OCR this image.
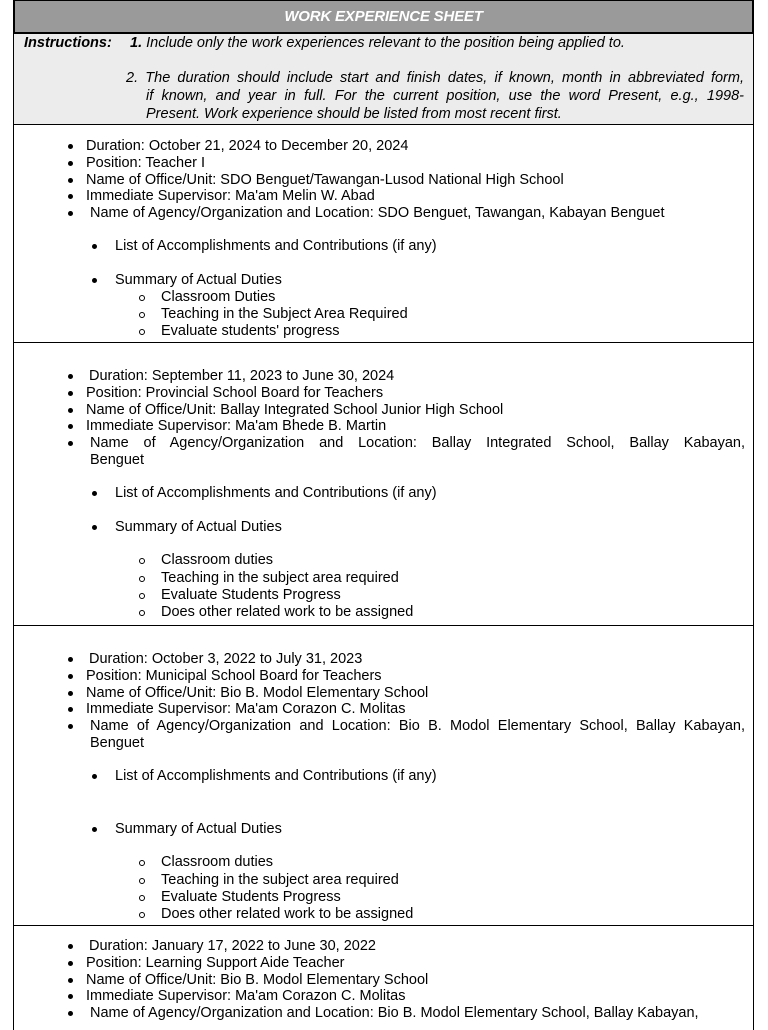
WORK EXPERIENCE SHEET
Instructions: 1. Include only the work experiences relevant to the position being applied to.
2. The duration should include start and finish dates, if known, month in abbreviated form,
if known, and year in full. For the current position, use the word Present, e.g., 1998-
Present. Work experience should be listed from most recent first.
Duration: October 21, 2024 to December 20, 2024
Position: Teacher I
Name of Office/Unit: SDO Benguet/Tawangan-Lusod National High School
Immediate Supervisor: Ma'am Melin W. Abad
Name of Agency/Organization and Location: SDO Benguet, Tawangan, Kabayan Benguet
List of Accomplishments and Contributions (if any)
Summary of Actual Duties
Classroom Duties
Teaching in the Subject Area Required
Evaluate students' progress
Duration: September 11, 2023 to June 30, 2024
Position: Provincial School Board for Teachers
Name of Office/Unit: Ballay Integrated School Junior High School
Immediate Supervisor: Ma'am Bhede B. Martin
Name of Agency/Organization and Location: Ballay Integrated School, Ballay Kabayan, Benguet
List of Accomplishments and Contributions (if any)
Summary of Actual Duties
Classroom duties
Teaching in the subject area required
Evaluate Students Progress
Does other related work to be assigned
Duration: October 3, 2022 to July 31, 2023
Position: Municipal School Board for Teachers
Name of Office/Unit: Bio B. Modol Elementary School
Immediate Supervisor: Ma'am Corazon C. Molitas
Name of Agency/Organization and Location: Bio B. Modol Elementary School, Ballay Kabayan, Benguet
List of Accomplishments and Contributions (if any)
Summary of Actual Duties
Classroom duties
Teaching in the subject area required
Evaluate Students Progress
Does other related work to be assigned
Duration: January 17, 2022 to June 30, 2022
Position: Learning Support Aide Teacher
Name of Office/Unit: Bio B. Modol Elementary School
Immediate Supervisor: Ma'am Corazon C. Molitas
Name of Agency/Organization and Location: Bio B. Modol Elementary School, Ballay Kabayan,
